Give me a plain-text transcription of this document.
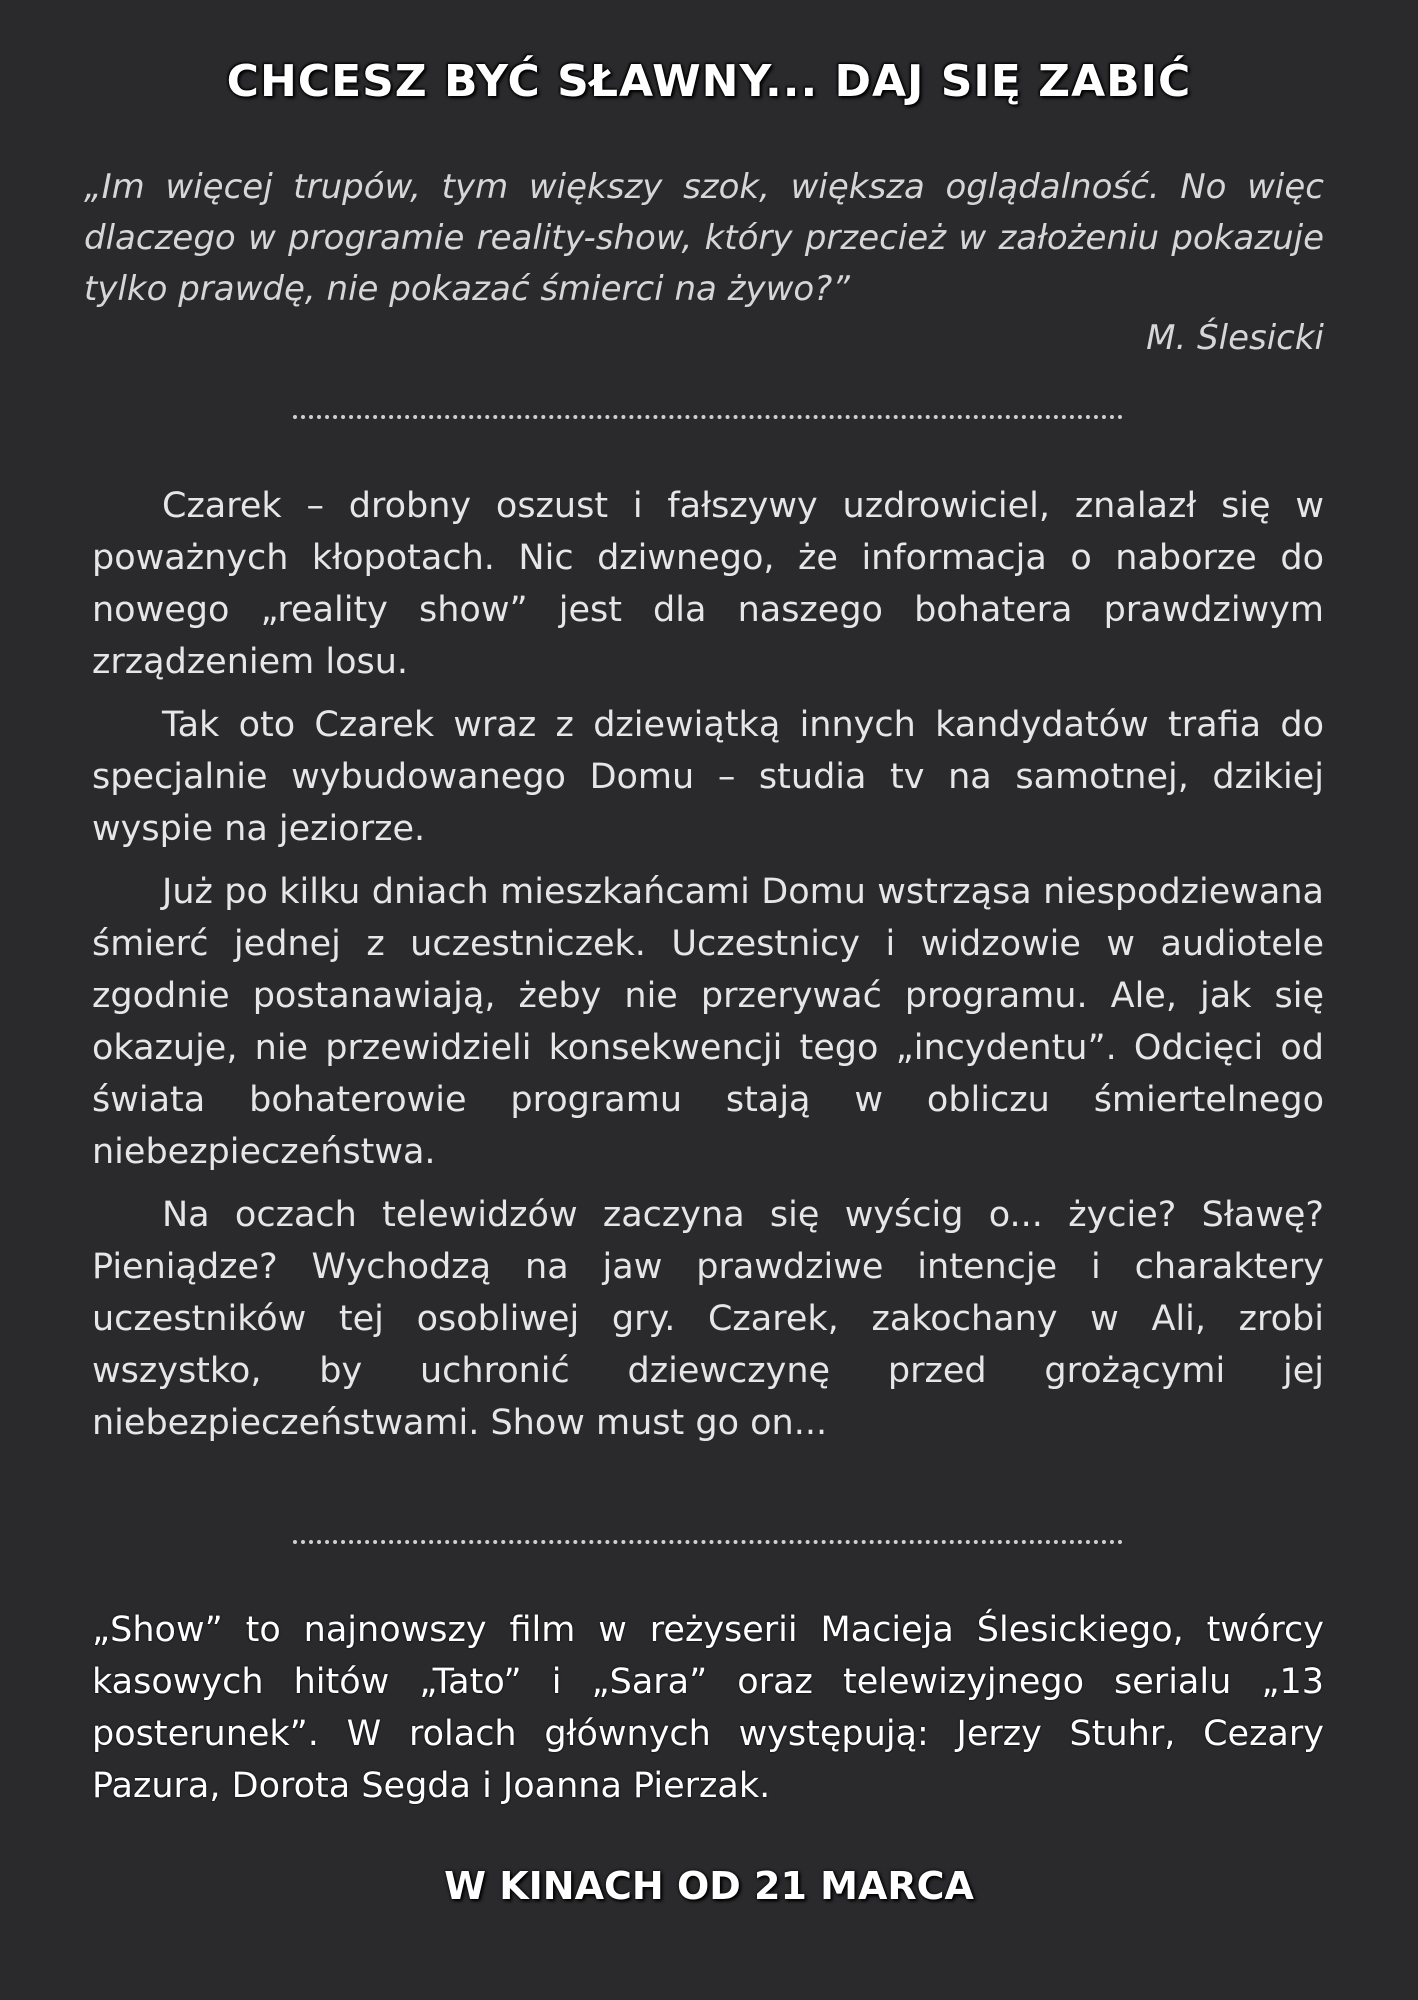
CHCESZ BYĆ SŁAWNY... DAJ SIĘ ZABIĆ

„Im więcej trupów, tym większy szok, większa oglądalność. No więc dlaczego w programie reality-show, który przecież w założeniu pokazuje tylko prawdę, nie pokazać śmierci na żywo?”

M. Ślesicki

Czarek – drobny oszust i fałszywy uzdrowiciel, znalazł się w poważnych kłopotach. Nic dziwnego, że informacja o naborze do nowego „reality show” jest dla naszego bohatera prawdziwym zrządzeniem losu.

Tak oto Czarek wraz z dziewiątką innych kandydatów trafia do specjalnie wybudowanego Domu – studia tv na samotnej, dzikiej wyspie na jeziorze.

Już po kilku dniach mieszkańcami Domu wstrząsa niespodziewana śmierć jednej z uczestniczek. Uczestnicy i widzowie w audiotele zgodnie postanawiają, żeby nie przerywać programu. Ale, jak się okazuje, nie przewidzieli konsekwencji tego „incydentu”. Odcięci od świata bohaterowie programu stają w obliczu śmiertelnego niebezpieczeństwa.

Na oczach telewidzów zaczyna się wyścig o... życie? Sławę? Pieniądze? Wychodzą na jaw prawdziwe intencje i charaktery uczestników tej osobliwej gry. Czarek, zakochany w Ali, zrobi wszystko, by uchronić dziewczynę przed grożącymi jej niebezpieczeństwami. Show must go on...

„Show” to najnowszy film w reżyserii Macieja Ślesickiego, twórcy kasowych hitów „Tato” i „Sara” oraz telewizyjnego serialu „13 posterunek”. W rolach głównych występują: Jerzy Stuhr, Cezary Pazura, Dorota Segda i Joanna Pierzak.

W KINACH OD 21 MARCA
